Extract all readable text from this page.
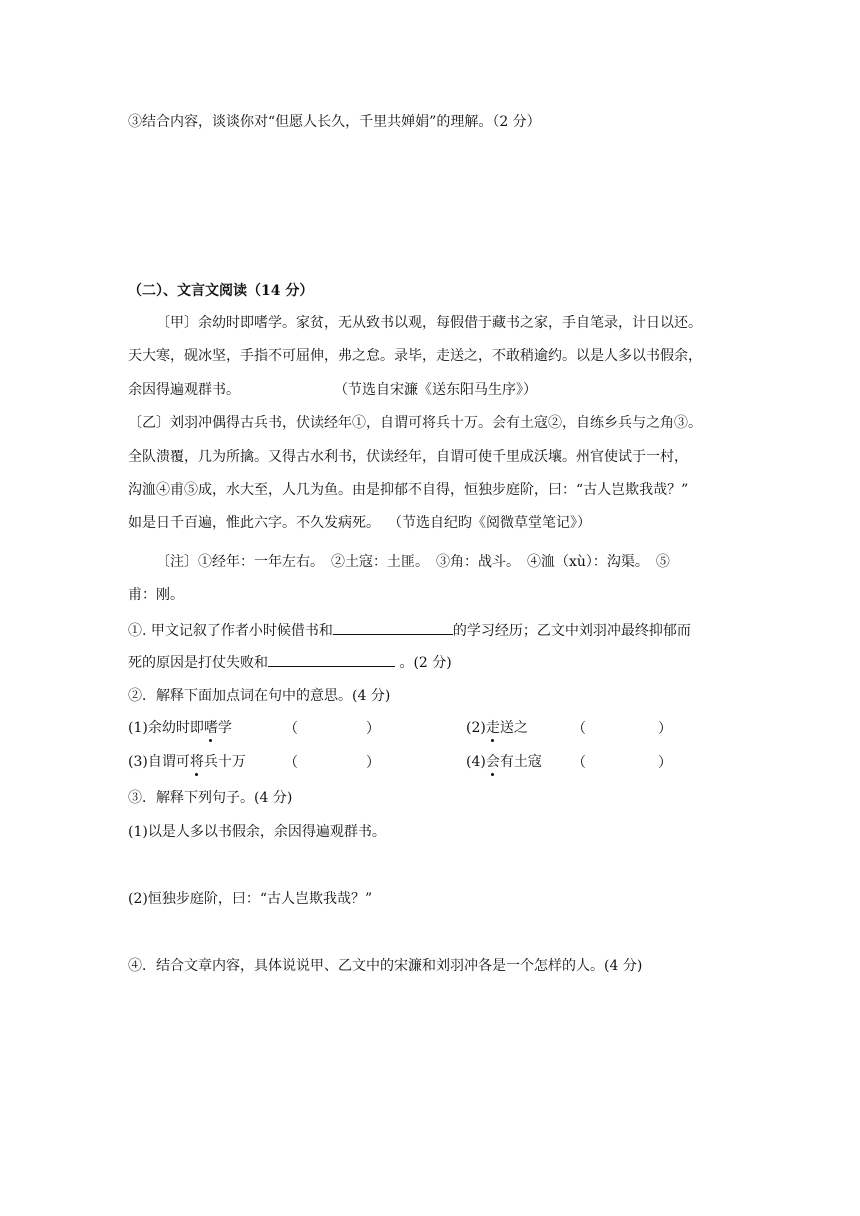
③结合内容，谈谈你对“但愿人长久，千里共婵娟”的理解。（2 分）
（二）、文言文阅读（14 分）
〔甲〕余幼时即嗜学。家贫，无从致书以观，每假借于藏书之家，手自笔录，计日以还。
天大寒，砚冰坚，手指不可屈伸，弗之怠。录毕，走送之，不敢稍逾约。以是人多以书假余，
余因得遍观群书。	（节选自宋濂《送东阳马生序》）
〔乙〕刘羽冲偶得古兵书，伏读经年①，自谓可将兵十万。会有土寇②，自练乡兵与之角③。
全队溃覆，几为所擒。又得古水利书，伏读经年，自谓可使千里成沃壤。州官使试于一村，
沟洫④甫⑤成，水大至，人几为鱼。由是抑郁不自得，恒独步庭阶，曰：“古人岂欺我哉？”
如是日千百遍，惟此六字。不久发病死。 （节选自纪昀《阅微草堂笔记》）
〔注〕①经年：一年左右。　②土寇：土匪。　③角：战斗。　④洫（xù）：沟渠。　⑤
甫：刚。
①. 甲文记叙了作者小时候借书和	的学习经历；乙文中刘羽冲最终抑郁而
死的原因是打仗失败和	。(2 分)
②．解释下面加点词在句中的意思。(4 分)
(1)余幼时即嗜学	（	）	(2)走送之	（	）
(3)自谓可将兵十万	（	）	(4)会有土寇 （	）
③．解释下列句子。(4 分)
(1)以是人多以书假余，余因得遍观群书。
(2)恒独步庭阶，曰：“古人岂欺我哉？”
④．结合文章内容，具体说说甲、乙文中的宋濂和刘羽冲各是一个怎样的人。(4 分)
